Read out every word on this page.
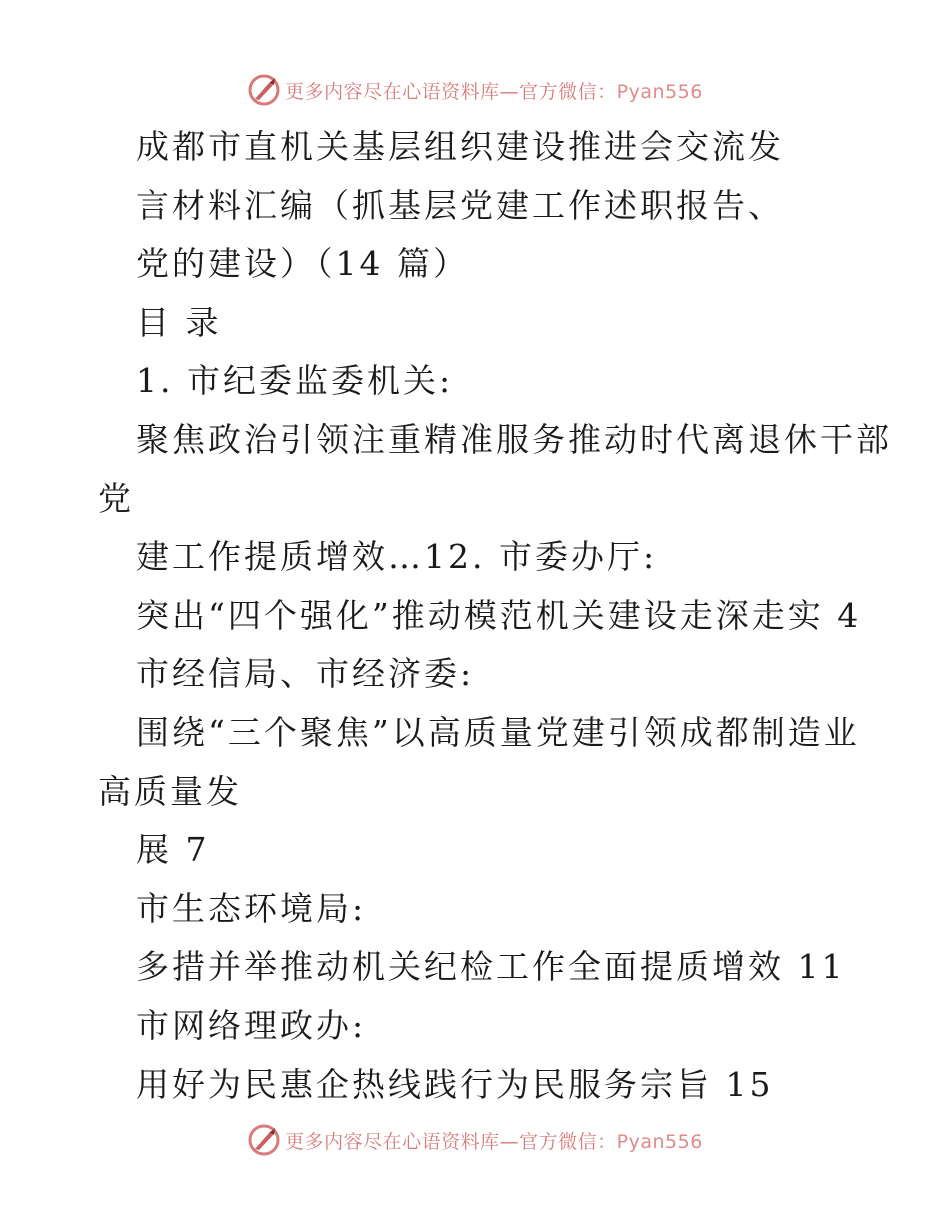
更多内容尽在心语资料库—官方微信：Pyan556
成都市直机关基层组织建设推进会交流发
言材料汇编（抓基层党建工作述职报告、
党的建设）（14 篇）
目 录
1. 市纪委监委机关:
聚焦政治引领注重精准服务推动时代离退休干部
党
建工作提质增效…12. 市委办厅:
突出“四个强化”推动模范机关建设走深走实 4
市经信局、市经济委:
围绕“三个聚焦”以高质量党建引领成都制造业
高质量发
展 7
市生态环境局:
多措并举推动机关纪检工作全面提质增效 11
市网络理政办:
用好为民惠企热线践行为民服务宗旨 15
更多内容尽在心语资料库—官方微信：Pyan556
